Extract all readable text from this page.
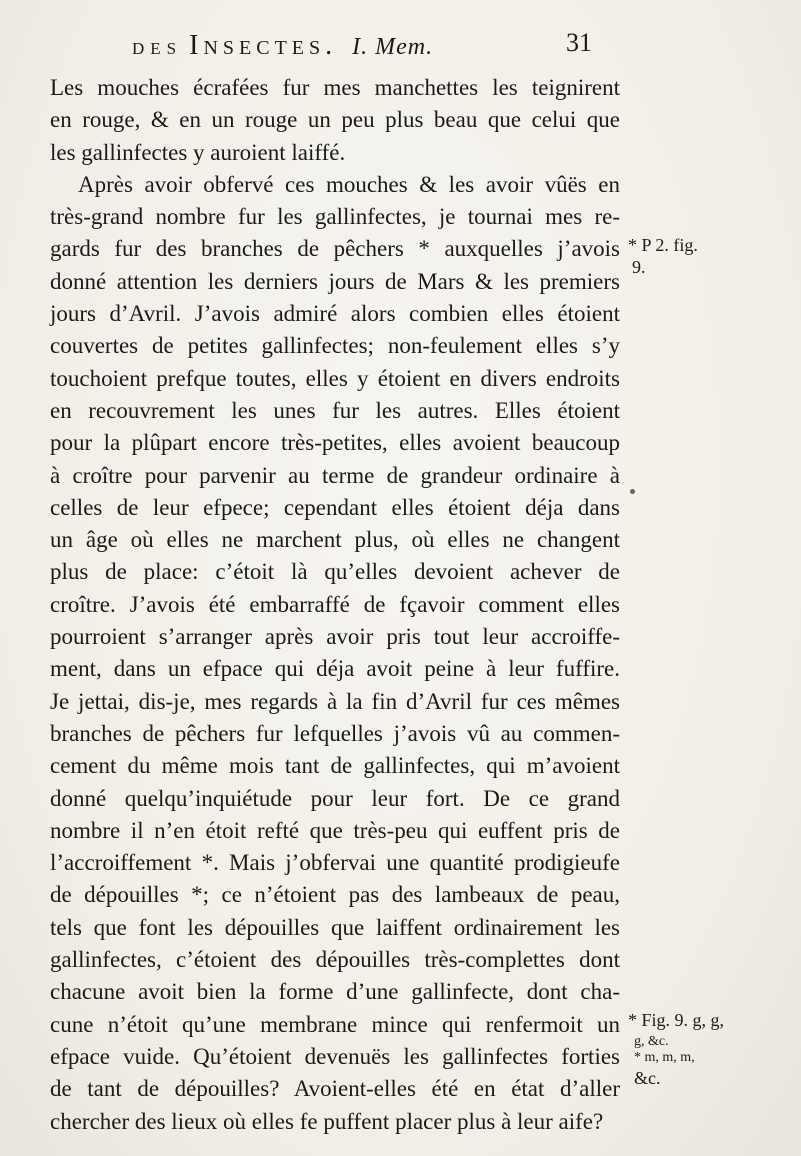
des Insectes. I. Mem.	31
Les mouches écrafées fur mes manchettes les teignirent
en rouge, & en un rouge un peu plus beau que celui que
les gallinfectes y auroient laiffé.
Après avoir obfervé ces mouches & les avoir vûës en
très-grand nombre fur les gallinfectes, je tournai mes re-
gards fur des branches de pêchers * auxquelles j’avois
donné attention les derniers jours de Mars & les premiers
jours d’Avril. J’avois admiré alors combien elles étoient
couvertes de petites gallinfectes; non-feulement elles s’y
touchoient prefque toutes, elles y étoient en divers endroits
en recouvrement les unes fur les autres. Elles étoient
pour la plûpart encore très-petites, elles avoient beaucoup
à croître pour parvenir au terme de grandeur ordinaire à
celles de leur efpece; cependant elles étoient déja dans
un âge où elles ne marchent plus, où elles ne changent
plus de place: c’étoit là qu’elles devoient achever de
croître. J’avois été embarraffé de fçavoir comment elles
pourroient s’arranger après avoir pris tout leur accroiffe-
ment, dans un efpace qui déja avoit peine à leur fuffire.
Je jettai, dis-je, mes regards à la fin d’Avril fur ces mêmes
branches de pêchers fur lefquelles j’avois vû au commen-
cement du même mois tant de gallinfectes, qui m’avoient
donné quelqu’inquiétude pour leur fort. De ce grand
nombre il n’en étoit refté que très-peu qui euffent pris de
l’accroiffement *. Mais j’obfervai une quantité prodigieufe
de dépouilles *; ce n’étoient pas des lambeaux de peau,
tels que font les dépouilles que laiffent ordinairement les
gallinfectes, c’étoient des dépouilles très-complettes dont
chacune avoit bien la forme d’une gallinfecte, dont cha-
cune n’étoit qu’une membrane mince qui renfermoit un
efpace vuide. Qu’étoient devenuës les gallinfectes forties
de tant de dépouilles? Avoient-elles été en état d’aller
chercher des lieux où elles fe puffent placer plus à leur aife?
* P 2. fig.
9.
* Fig. 9. g, g,
g, &c.
* m, m, m,
&c.
